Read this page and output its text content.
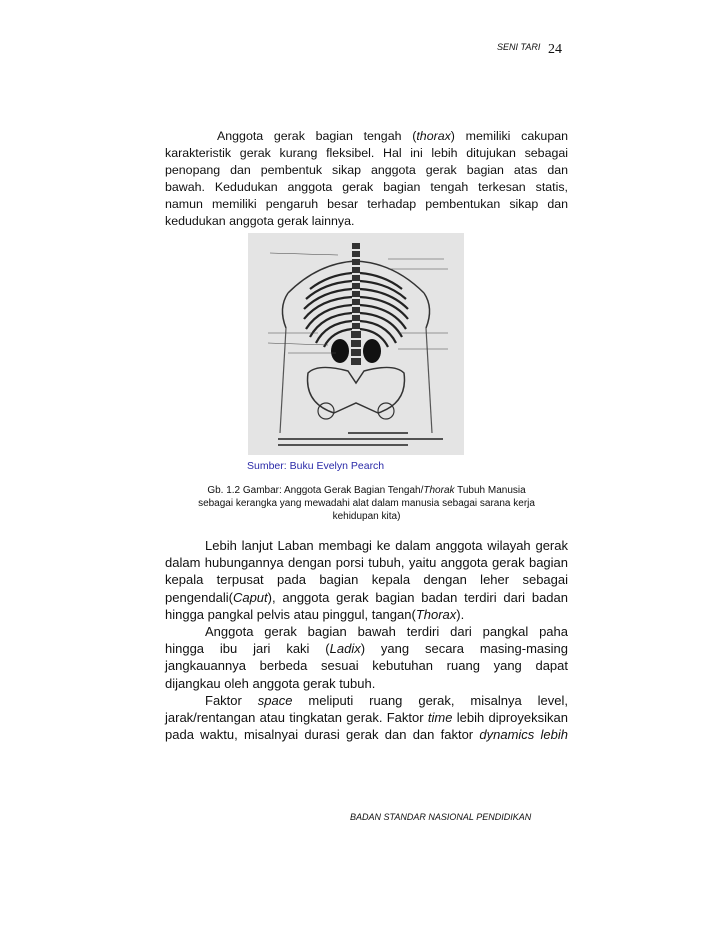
SENI TARI 24

Anggota gerak bagian tengah (thorax) memiliki cakupan
karakteristik gerak kurang fleksibel. Hal ini lebih ditujukan sebagai
penopang dan pembentuk sikap anggota gerak bagian atas dan
bawah. Kedudukan anggota gerak bagian tengah terkesan statis,
namun memiliki pengaruh besar terhadap pembentukan sikap dan
kedudukan anggota gerak lainnya.

Sumber: Buku Evelyn Pearch
Gb. 1.2 Gambar: Anggota Gerak Bagian Tengah/Thorak Tubuh Manusia
sebagai kerangka yang mewadahi alat dalam manusia sebagai sarana kerja
kehidupan kita)
Lebih lanjut Laban membagi ke dalam anggota wilayah gerak
dalam hubungannya dengan porsi tubuh, yaitu anggota gerak bagian
kepala terpusat pada bagian kepala dengan leher sebagai
pengendali(Caput), anggota gerak bagian badan terdiri dari badan
hingga pangkal pelvis atau pinggul, tangan(Thorax).
Anggota gerak bagian bawah terdiri dari pangkal paha
hingga ibu jari kaki (Ladix) yang secara masing-masing
jangkauannya berbeda sesuai kebutuhan ruang yang dapat
dijangkau oleh anggota gerak tubuh.
Faktor space meliputi ruang gerak, misalnya level,
jarak/rentangan atau tingkatan gerak. Faktor time lebih diproyeksikan
pada waktu, misalnyai durasi gerak dan dan faktor dynamics lebih
BADAN STANDAR NASIONAL PENDIDIKAN
